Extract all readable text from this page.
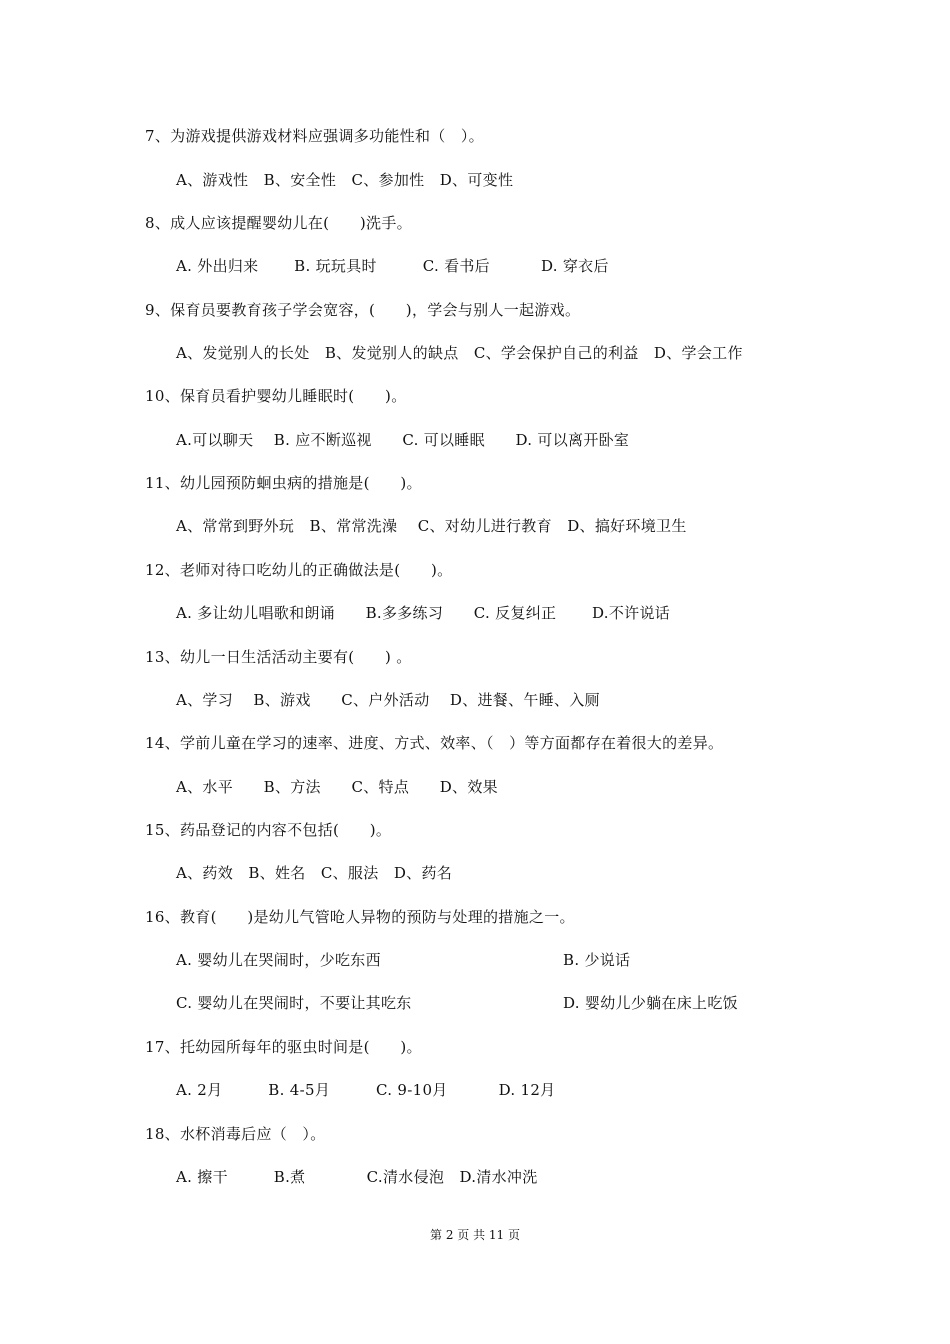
7、为游戏提供游戏材料应强调多功能性和（　）。
A、游戏性　B、安全性　C、参加性　D、可变性
8、成人应该提醒婴幼儿在(　　)洗手。
A. 外出归来　　 B. 玩玩具时　　　C. 看书后　　　 D. 穿衣后
9、保育员要教育孩子学会宽容，(　　)，学会与别人一起游戏。
A、发觉别人的长处　B、发觉别人的缺点　C、学会保护自己的利益　D、学会工作
10、保育员看护婴幼儿睡眠时(　　)。
A.可以聊天　 B. 应不断巡视　　C. 可以睡眠　　D. 可以离开卧室
11、幼儿园预防蛔虫病的措施是(　　)。
A、常常到野外玩　B、常常洗澡　 C、对幼儿进行教育　D、搞好环境卫生
12、老师对待口吃幼儿的正确做法是(　　)。
A. 多让幼儿唱歌和朗诵　　B.多多练习　　C. 反复纠正　　 D.不许说话
13、幼儿一日生活活动主要有(　　) 。
A、学习　 B、游戏　　C、户外活动　 D、进餐、午睡、入厕
14、学前儿童在学习的速率、进度、方式、效率、（　）等方面都存在着很大的差异。
A、水平　　B、方法　　C、特点　　D、效果
15、药品登记的内容不包括(　　)。
A、药效　B、姓名　C、服法　D、药名
16、教育(　　)是幼儿气管呛人异物的预防与处理的措施之一。
A. 婴幼儿在哭闹时，少吃东西	B. 少说话
C. 婴幼儿在哭闹时，不要让其吃东	D. 婴幼儿少躺在床上吃饭
17、托幼园所每年的驱虫时间是(　　)。
A. 2月　　　B. 4-5月　　　C. 9-10月　　　 D. 12月
18、水杯消毒后应（　）。
A. 擦干　　　B.煮　　　　C.清水侵泡　D.清水冲洗
第 2 页 共 11 页
